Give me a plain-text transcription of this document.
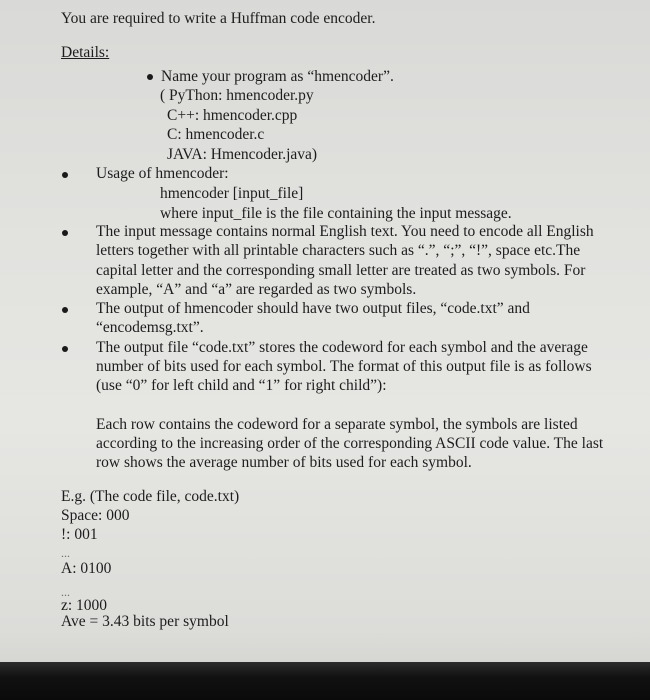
You are required to write a Huffman code encoder.
Details:
Name your program as “hmencoder”.
( PyThon: hmencoder.py
C++: hmencoder.cpp
C: hmencoder.c
JAVA: Hmencoder.java)
Usage of hmencoder:
hmencoder [input_file]
where input_file is the file containing the input message.
The input message contains normal English text. You need to encode all English
letters together with all printable characters such as “.”, “;”, “!”, space etc.The
capital letter and the corresponding small letter are treated as two symbols. For
example, “A” and “a” are regarded as two symbols.
The output of hmencoder should have two output files, “code.txt” and
“encodemsg.txt”.
The output file “code.txt” stores the codeword for each symbol and the average
number of bits used for each symbol. The format of this output file is as follows
(use “0” for left child and “1” for right child”):
Each row contains the codeword for a separate symbol, the symbols are listed
according to the increasing order of the corresponding ASCII code value. The last
row shows the average number of bits used for each symbol.
E.g. (The code file, code.txt)
Space: 000
!: 001
...
A: 0100
...
z: 1000
Ave = 3.43 bits per symbol
